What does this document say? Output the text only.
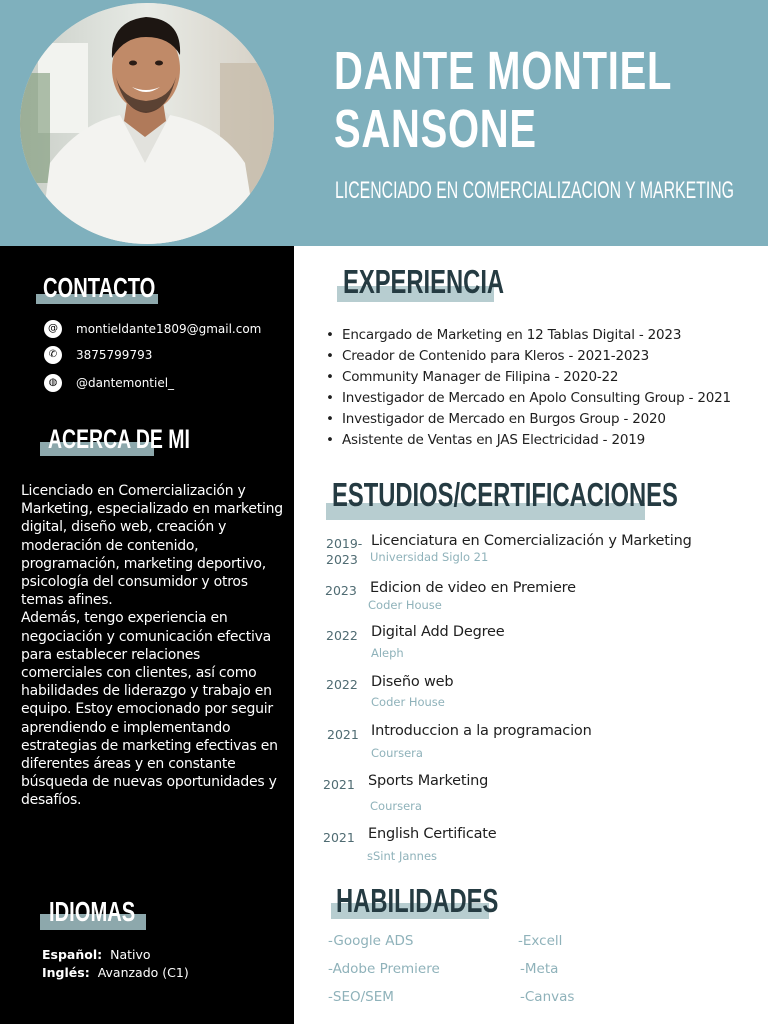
DANTE MONTIEL
SANSONE
LICENCIADO EN COMERCIALIZACION Y MARKETING
CONTACTO
@	montieldante1809@gmail.com
✆	3875799793
◍	@dantemontiel_
ACERCA DE MI

Licenciado en Comercialización y Marketing, especializado en marketing digital, diseño web, creación y moderación de contenido, programación, marketing deportivo, psicología del consumidor y otros temas afines.

Además, tengo experiencia en negociación y comunicación efectiva para establecer relaciones comerciales con clientes, así como habilidades de liderazgo y trabajo en equipo. Estoy emocionado por seguir aprendiendo e implementando estrategias de marketing efectivas en diferentes áreas y en constante búsqueda de nuevas oportunidades y desafíos.

IDIOMAS
Español: Nativo
Inglés: Avanzado (C1)
EXPERIENCIA
• Encargado de Marketing en 12 Tablas Digital - 2023
• Creador de Contenido para Kleros - 2021-2023
• Community Manager de Filipina - 2020-22
• Investigador de Mercado en Apolo Consulting Group - 2021
• Investigador de Mercado en Burgos Group - 2020
• Asistente de Ventas en JAS Electricidad - 2019
ESTUDIOS/CERTIFICACIONES
2019-
2023
Licenciatura en Comercialización y Marketing
Universidad Siglo 21
2023 Edicion de video en Premiere
Coder House
2022 Digital Add Degree
Aleph
2022 Diseño web
Coder House
2021 Introduccion a la programacion
Coursera
2021 Sports Marketing
Coursera
2021 English Certificate
sSint Jannes
HABILIDADES
-Google ADS
-Adobe Premiere
-SEO/SEM
-Excell
-Meta
-Canvas
